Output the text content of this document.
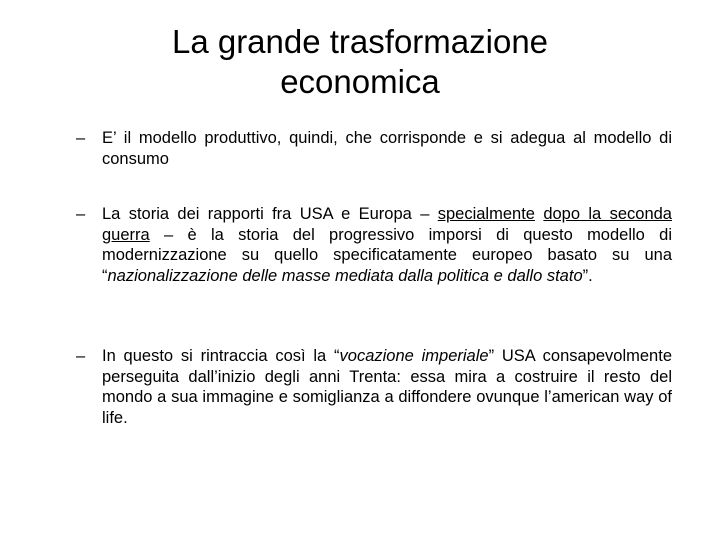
La grande trasformazione
economica
– E’ il modello produttivo, quindi, che corrisponde e si adegua al modello di consumo
– La storia dei rapporti fra USA e Europa – specialmente dopo la seconda guerra – è la storia del progressivo imporsi di questo modello di modernizzazione su quello specificatamente europeo basato su una “nazionalizzazione delle masse mediata dalla politica e dallo stato”.
– In questo si rintraccia così la “vocazione imperiale” USA consapevolmente perseguita dall’inizio degli anni Trenta: essa mira a costruire il resto del mondo a sua immagine e somiglianza a diffondere ovunque l’american way of life.
